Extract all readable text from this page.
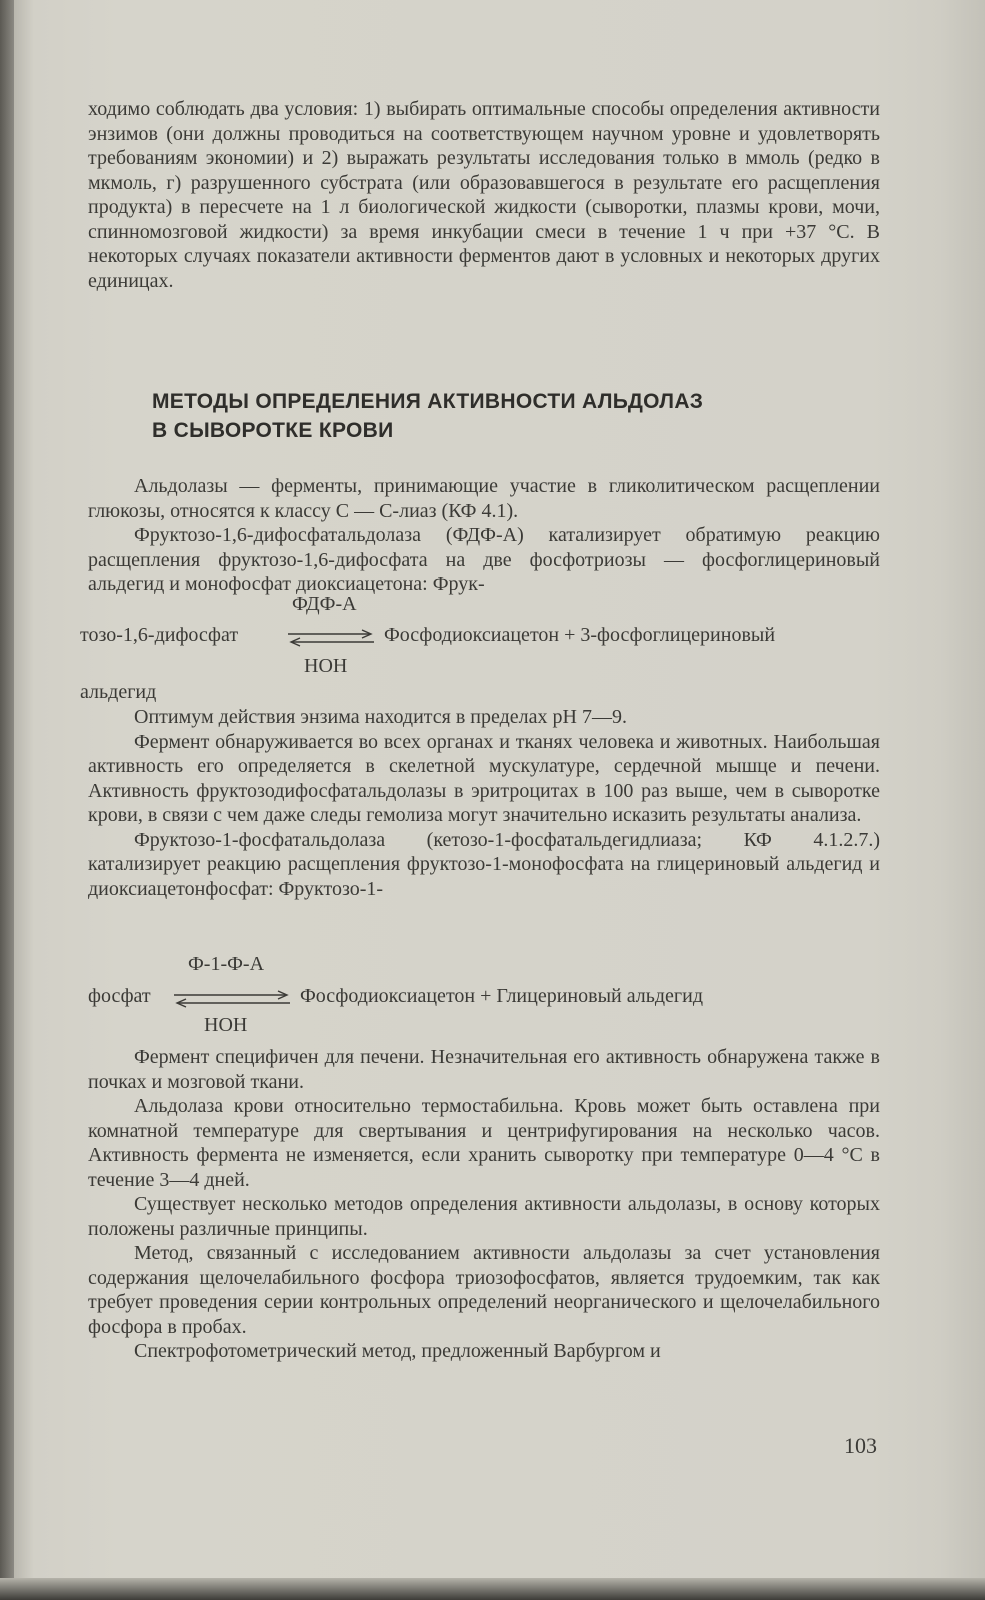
ходимо соблюдать два условия: 1) выбирать оптимальные способы определения активности энзимов (они должны проводиться на соответствующем научном уровне и удовлетворять требованиям экономии) и 2) выражать результаты исследования только в ммоль (редко в мкмоль, г) разрушенного субстрата (или образовавшегося в результате его расщепления продукта) в пересчете на 1 л биологической жидкости (сыворотки, плазмы крови, мочи, спинномозговой жидкости) за время инкубации смеси в течение 1 ч при +37 °С. В некоторых случаях показатели активности ферментов дают в условных и некоторых других единицах.

МЕТОДЫ ОПРЕДЕЛЕНИЯ АКТИВНОСТИ АЛЬДОЛАЗ
В СЫВОРОТКЕ КРОВИ

Альдолазы — ферменты, принимающие участие в гликолитическом расщеплении глюкозы, относятся к классу С — С-лиаз (КФ 4.1).

Фруктозо-1,6-дифосфатальдолаза (ФДФ-А) катализирует обратимую реакцию расщепления фруктозо-1,6-дифосфата на две фосфотриозы — фосфоглицериновый альдегид и монофосфат диоксиацетона: Фрук-

ФДФ-А
тозо-1,6-дифосфат	Фосфодиоксиацетон + 3-фосфоглицериновый
НОН
альдегид

Оптимум действия энзима находится в пределах pH 7—9.

Фермент обнаруживается во всех органах и тканях человека и животных. Наибольшая активность его определяется в скелетной мускулатуре, сердечной мышце и печени. Активность фруктозодифосфатальдолазы в эритроцитах в 100 раз выше, чем в сыворотке крови, в связи с чем даже следы гемолиза могут значительно исказить результаты анализа.

Фруктозо-1-фосфатальдолаза (кетозо-1-фосфатальдегидлиаза; КФ 4.1.2.7.) катализирует реакцию расщепления фруктозо-1-монофосфата на глицериновый альдегид и диоксиацетонфосфат: Фруктозо-1-

Ф-1-Ф-А
фосфат	Фосфодиоксиацетон + Глицериновый альдегид
НОН

Фермент специфичен для печени. Незначительная его активность обнаружена также в почках и мозговой ткани.

Альдолаза крови относительно термостабильна. Кровь может быть оставлена при комнатной температуре для свертывания и центрифугирования на несколько часов. Активность фермента не изменяется, если хранить сыворотку при температуре 0—4 °С в течение 3—4 дней.

Существует несколько методов определения активности альдолазы, в основу которых положены различные принципы.

Метод, связанный с исследованием активности альдолазы за счет установления содержания щелочелабильного фосфора триозофосфатов, является трудоемким, так как требует проведения серии контрольных определений неорганического и щелочелабильного фосфора в пробах.

Спектрофотометрический метод, предложенный Варбургом и

103
